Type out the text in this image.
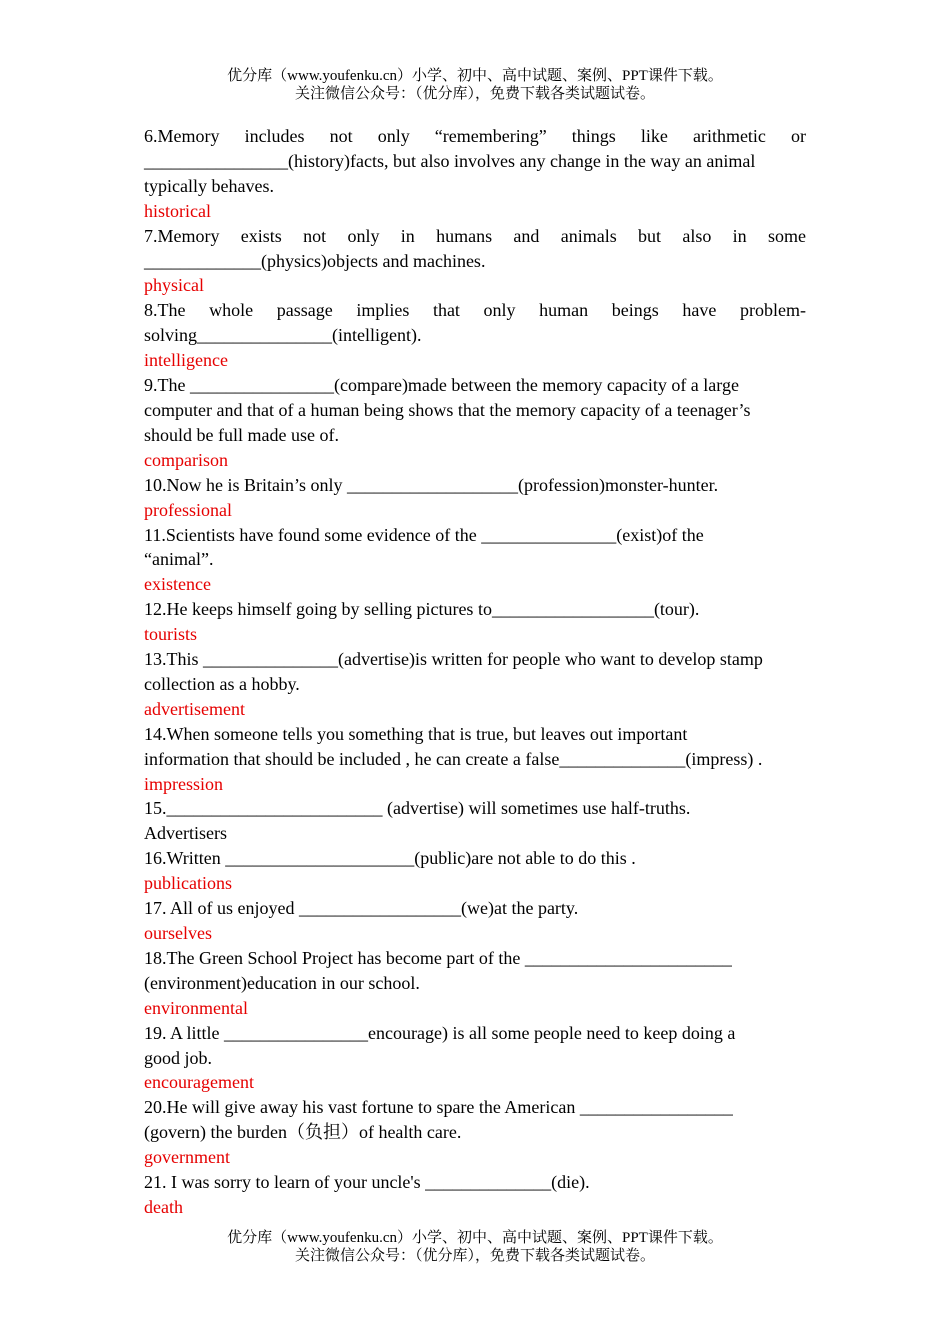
优分库（www.youfenku.cn）小学、初中、高中试题、案例、PPT课件下载。
关注微信公众号：（优分库），免费下载各类试题试卷。
6.Memory includes not only “remembering” things like arithmetic or
________________(history)facts, but also involves any change in the way an animal
typically behaves.
historical
7.Memory exists not only in humans and animals but also in some
_____________(physics)objects and machines.
physical
8.The whole passage implies that only human beings have problem-
solving_______________(intelligent).
intelligence
9.The ________________(compare)made between the memory capacity of a large
computer and that of a human being shows that the memory capacity of a teenager’s
should be full made use of.
comparison
10.Now he is Britain’s only ___________________(profession)monster-hunter.
professional
11.Scientists have found some evidence of the _______________(exist)of the
“animal”.
existence
12.He keeps himself going by selling pictures to__________________(tour).
tourists
13.This _______________(advertise)is written for people who want to develop stamp
collection as a hobby.
advertisement
14.When someone tells you something that is true, but leaves out important
information that should be included , he can create a false______________(impress) .
impression
15.________________________ (advertise) will sometimes use half-truths.
Advertisers
16.Written _____________________(public)are not able to do this .
publications
17. All of us enjoyed __________________(we)at the party.
ourselves
18.The Green School Project has become part of the _______________________
(environment)education in our school.
environmental
19. A little ________________encourage) is all some people need to keep doing a
good job.
encouragement
20.He will give away his vast fortune to spare the American _________________
(govern) the burden（负担）of health care.
government
21. I was sorry to learn of your uncle's ______________(die).
death
优分库（www.youfenku.cn）小学、初中、高中试题、案例、PPT课件下载。
关注微信公众号：（优分库），免费下载各类试题试卷。
